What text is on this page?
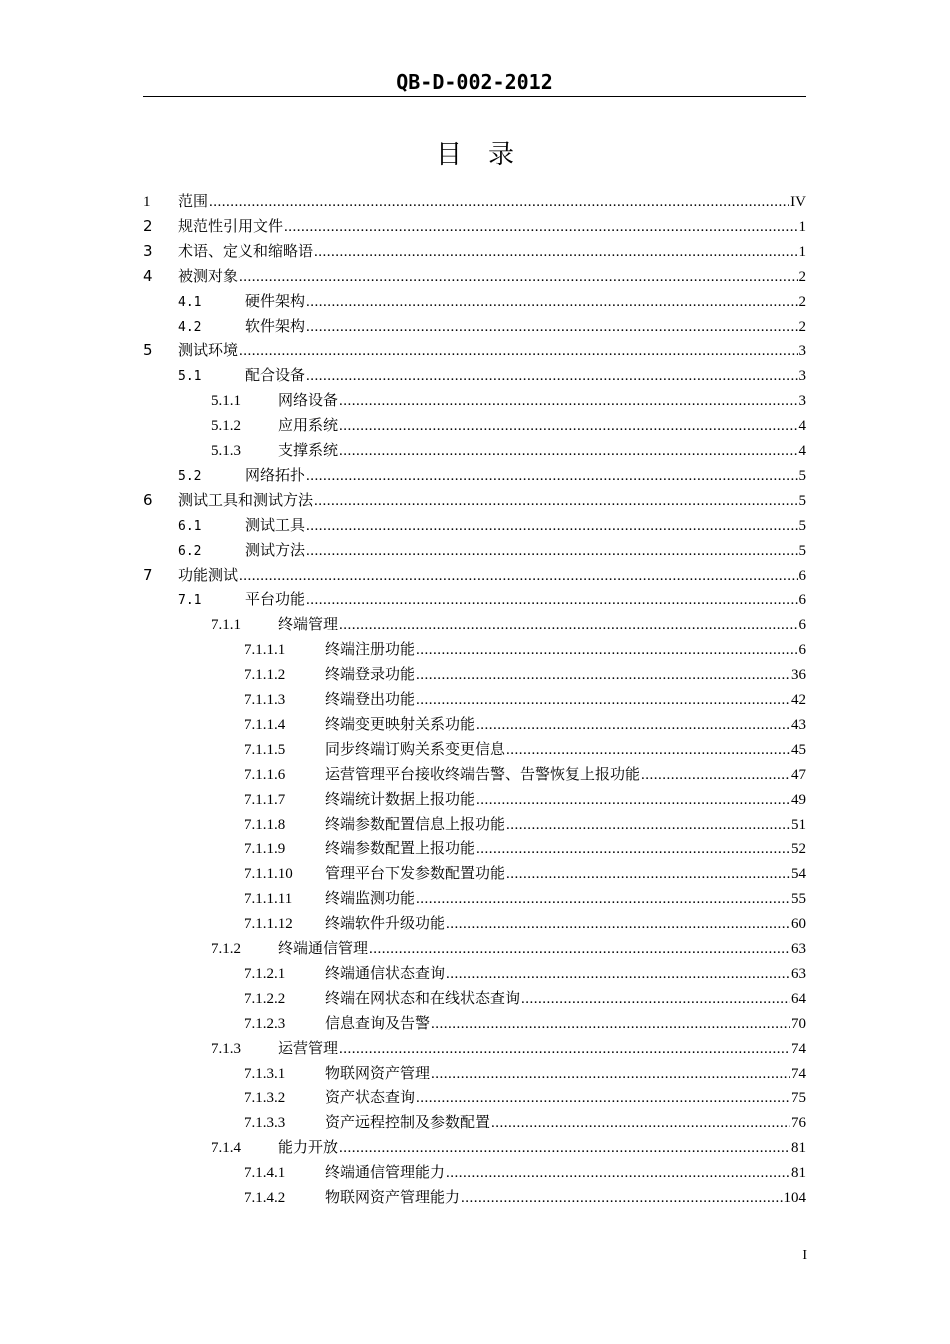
QB-D-002-2012
目录
1	范围 .....	IV
2	规范性引用文件 .....	1
3	术语、定义和缩略语 .....	1
4	被测对象 .....	2
4.1	硬件架构 .....	2
4.2	软件架构 .....	2
5	测试环境 .....	3
5.1	配合设备 .....	3
5.1.1	网络设备 .....	3
5.1.2	应用系统 .....	4
5.1.3	支撑系统 .....	4
5.2	网络拓扑 .....	5
6	测试工具和测试方法 .....	5
6.1	测试工具 .....	5
6.2	测试方法 .....	5
7	功能测试 .....	6
7.1	平台功能 .....	6
7.1.1	终端管理 .....	6
7.1.1.1	终端注册功能 .....	6
7.1.1.2	终端登录功能 .....	36
7.1.1.3	终端登出功能 .....	42
7.1.1.4	终端变更映射关系功能 .....	43
7.1.1.5	同步终端订购关系变更信息 .....	45
7.1.1.6	运营管理平台接收终端告警、告警恢复上报功能 .....	47
7.1.1.7	终端统计数据上报功能 .....	49
7.1.1.8	终端参数配置信息上报功能 .....	51
7.1.1.9	终端参数配置上报功能 .....	52
7.1.1.10	管理平台下发参数配置功能 .....	54
7.1.1.11	终端监测功能 .....	55
7.1.1.12	终端软件升级功能 .....	60
7.1.2	终端通信管理 .....	63
7.1.2.1	终端通信状态查询 .....	63
7.1.2.2	终端在网状态和在线状态查询 .....	64
7.1.2.3	信息查询及告警 .....	70
7.1.3	运营管理 .....	74
7.1.3.1	物联网资产管理 .....	74
7.1.3.2	资产状态查询 .....	75
7.1.3.3	资产远程控制及参数配置 .....	76
7.1.4	能力开放 .....	81
7.1.4.1	终端通信管理能力 .....	81
7.1.4.2	物联网资产管理能力 .....	104
I
